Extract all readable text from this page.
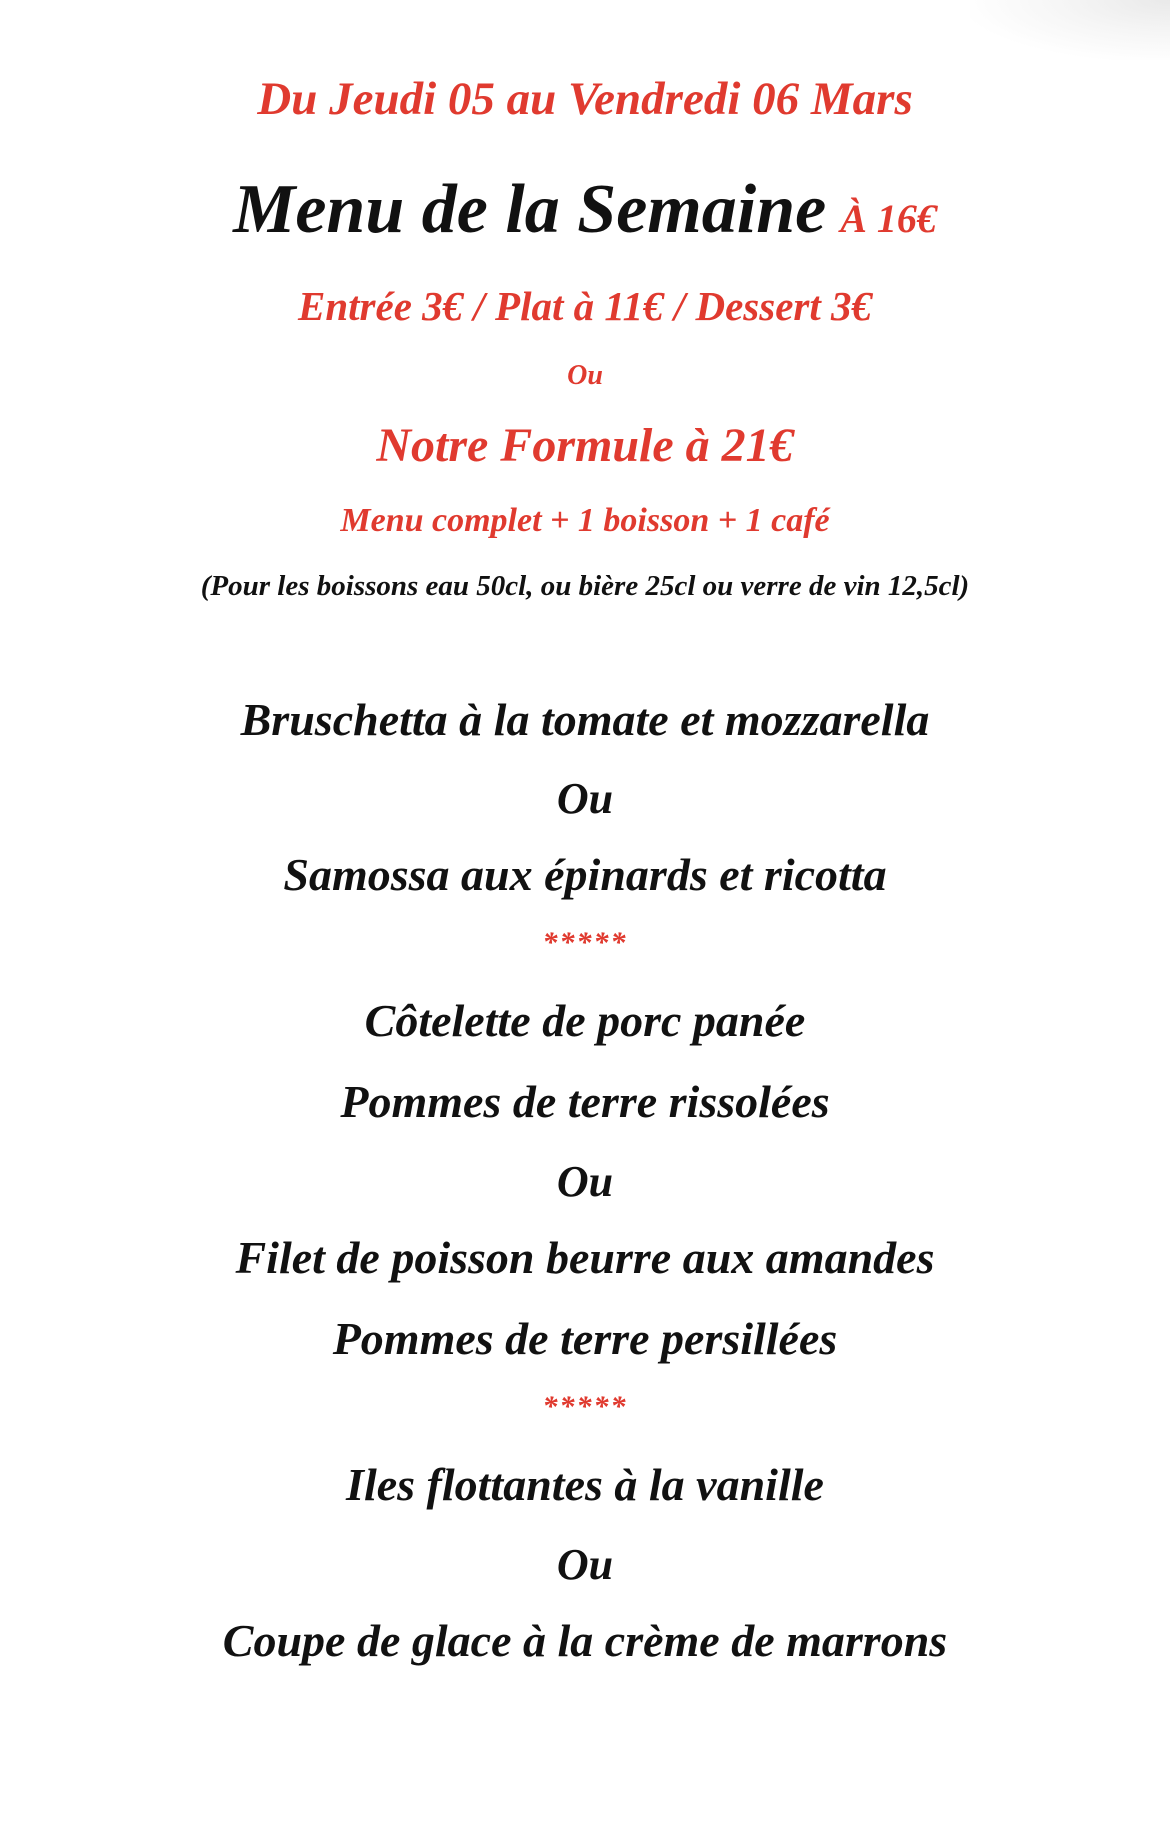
Du Jeudi 05 au Vendredi 06 Mars
Menu de la Semaine À 16€
Entrée 3€ / Plat à 11€ / Dessert 3€
Ou
Notre Formule à 21€
Menu complet + 1 boisson + 1 café
(Pour les boissons eau 50cl, ou bière 25cl ou verre de vin 12,5cl)
Bruschetta à la tomate et mozzarella
Ou
Samossa aux épinards et ricotta
*****
Côtelette de porc panée
Pommes de terre rissolées
Ou
Filet de poisson beurre aux amandes
Pommes de terre persillées
*****
Iles flottantes à la vanille
Ou
Coupe de glace à la crème de marrons
